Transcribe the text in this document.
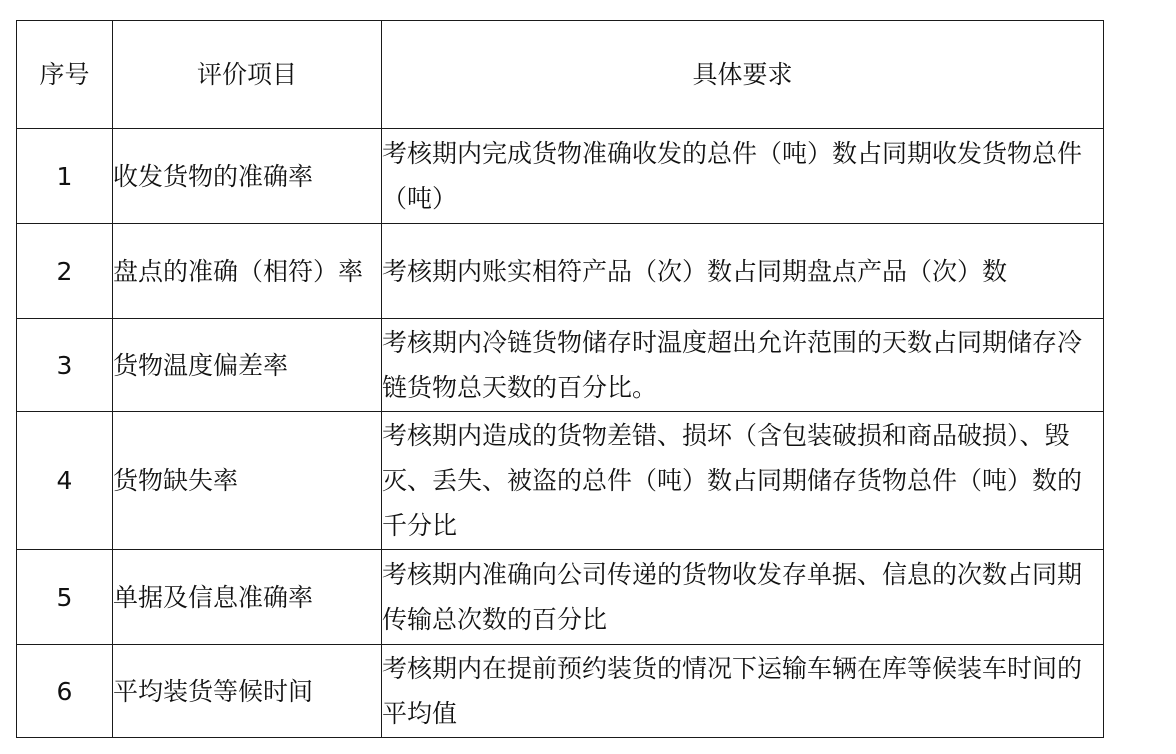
序号	评价项目	具体要求
1	收发货物的准确率	考核期内完成货物准确收发的总件（吨）数占同期收发货物总件（吨）
2	盘点的准确（相符）率	考核期内账实相符产品（次）数占同期盘点产品（次）数
3	货物温度偏差率	考核期内冷链货物储存时温度超出允许范围的天数占同期储存冷链货物总天数的百分比。
4	货物缺失率	考核期内造成的货物差错、损坏（含包装破损和商品破损）、毁灭、丢失、被盗的总件（吨）数占同期储存货物总件（吨）数的千分比
5	单据及信息准确率	考核期内准确向公司传递的货物收发存单据、信息的次数占同期传输总次数的百分比
6	平均装货等候时间	考核期内在提前预约装货的情况下运输车辆在库等候装车时间的平均值
